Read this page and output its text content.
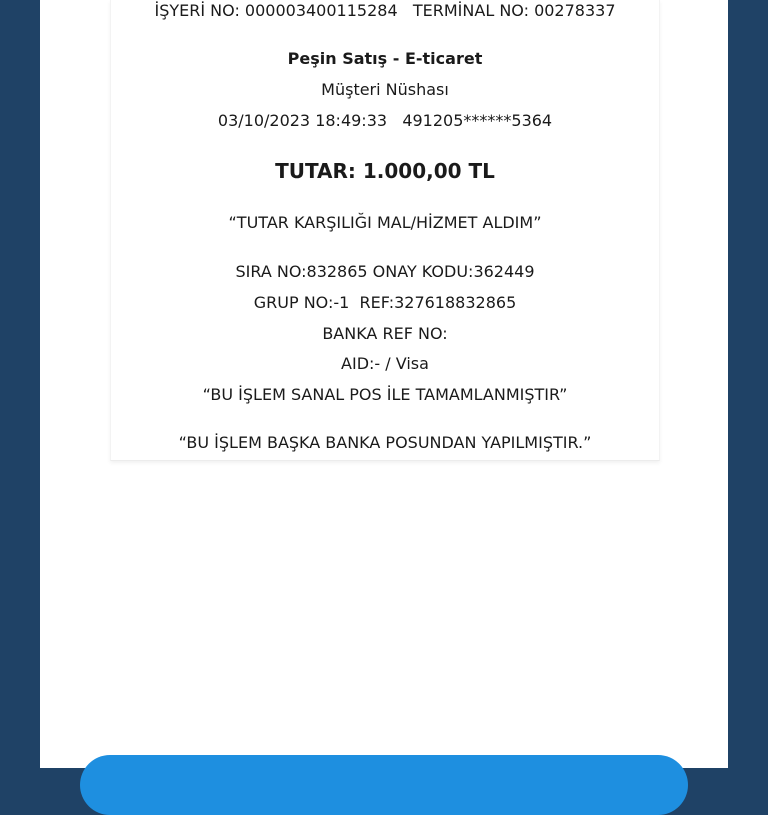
İŞYERİ NO: 000003400115284   TERMİNAL NO: 00278337
Peşin Satış - E-ticaret
Müşteri Nüshası
03/10/2023 18:49:33   491205******5364
TUTAR: 1.000,00 TL
“TUTAR KARŞILIĞI MAL/HİZMET ALDIM”
SIRA NO:832865 ONAY KODU:362449
GRUP NO:-1  REF:327618832865
BANKA REF NO:
AID:- / Visa
“BU İŞLEM SANAL POS İLE TAMAMLANMIŞTIR”
“BU İŞLEM BAŞKA BANKA POSUNDAN YAPILMIŞTIR.”
